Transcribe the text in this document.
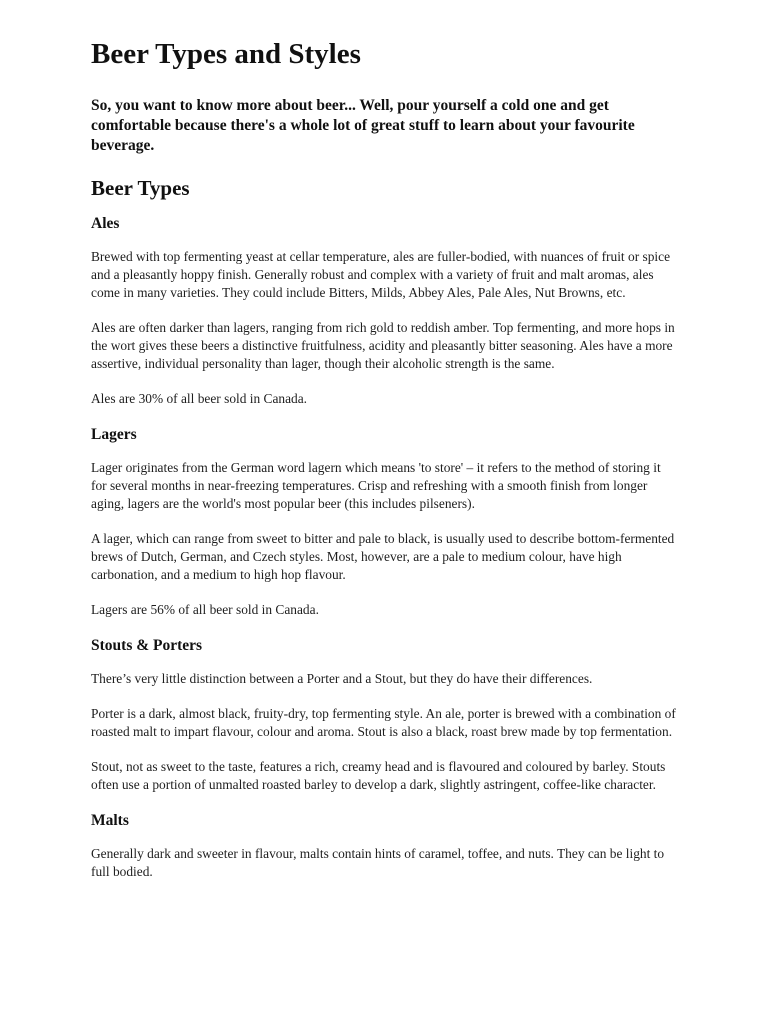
Beer Types and Styles

So, you want to know more about beer... Well, pour yourself a cold one and get comfortable because there's a whole lot of great stuff to learn about your favourite beverage.

Beer Types
Ales

Brewed with top fermenting yeast at cellar temperature, ales are fuller-bodied, with nuances of fruit or spice and a pleasantly hoppy finish. Generally robust and complex with a variety of fruit and malt aromas, ales come in many varieties. They could include Bitters, Milds, Abbey Ales, Pale Ales, Nut Browns, etc.

Ales are often darker than lagers, ranging from rich gold to reddish amber. Top fermenting, and more hops in the wort gives these beers a distinctive fruitfulness, acidity and pleasantly bitter seasoning. Ales have a more assertive, individual personality than lager, though their alcoholic strength is the same.

Ales are 30% of all beer sold in Canada.

Lagers

Lager originates from the German word lagern which means 'to store' – it refers to the method of storing it for several months in near-freezing temperatures. Crisp and refreshing with a smooth finish from longer aging, lagers are the world's most popular beer (this includes pilseners).

A lager, which can range from sweet to bitter and pale to black, is usually used to describe bottom-fermented brews of Dutch, German, and Czech styles. Most, however, are a pale to medium colour, have high carbonation, and a medium to high hop flavour.

Lagers are 56% of all beer sold in Canada.

Stouts & Porters

There’s very little distinction between a Porter and a Stout, but they do have their differences.

Porter is a dark, almost black, fruity-dry, top fermenting style. An ale, porter is brewed with a combination of roasted malt to impart flavour, colour and aroma. Stout is also a black, roast brew made by top fermentation.

Stout, not as sweet to the taste, features a rich, creamy head and is flavoured and coloured by barley. Stouts often use a portion of unmalted roasted barley to develop a dark, slightly astringent, coffee-like character.

Malts

Generally dark and sweeter in flavour, malts contain hints of caramel, toffee, and nuts. They can be light to full bodied.
